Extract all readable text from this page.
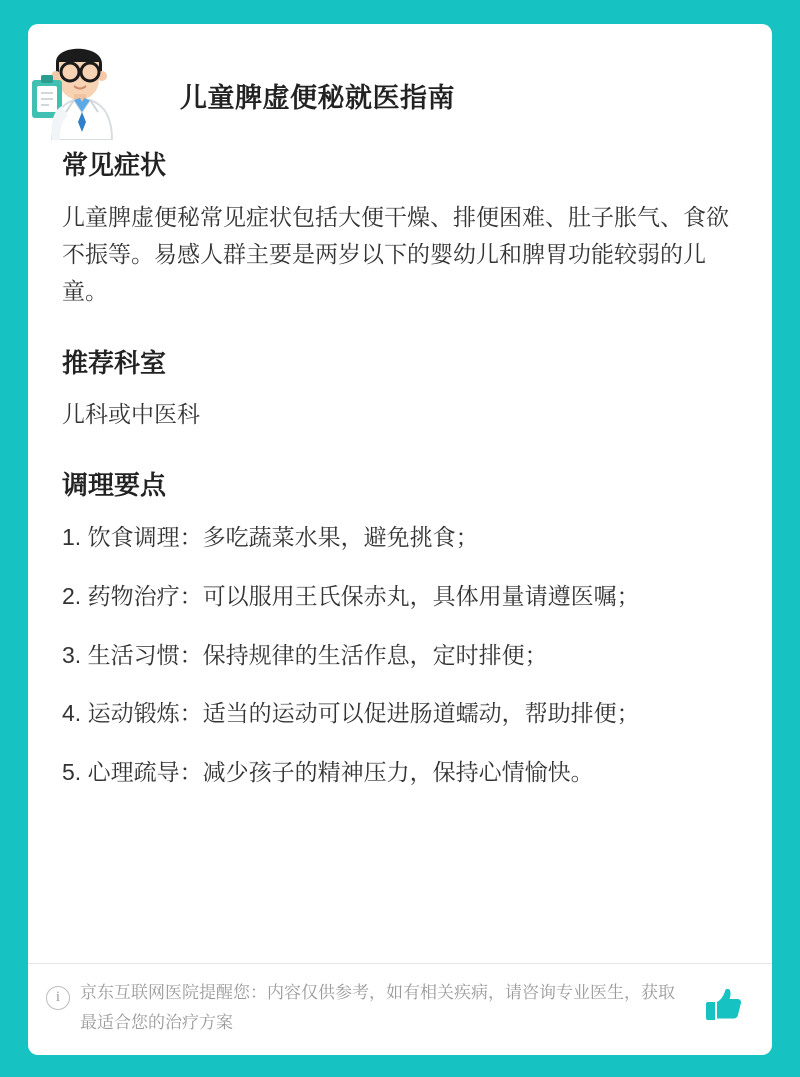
儿童脾虚便秘就医指南
常见症状

儿童脾虚便秘常见症状包括大便干燥、排便困难、肚子胀气、食欲不振等。易感人群主要是两岁以下的婴幼儿和脾胃功能较弱的儿童。

推荐科室

儿科或中医科

调理要点
1. 饮食调理：多吃蔬菜水果，避免挑食；
2. 药物治疗：可以服用王氏保赤丸，具体用量请遵医嘱；
3. 生活习惯：保持规律的生活作息，定时排便；
4. 运动锻炼：适当的运动可以促进肠道蠕动，帮助排便；
5. 心理疏导：减少孩子的精神压力，保持心情愉快。
i	京东互联网医院提醒您：内容仅供参考，如有相关疾病，请咨询专业医生，获取最适合您的治疗方案
